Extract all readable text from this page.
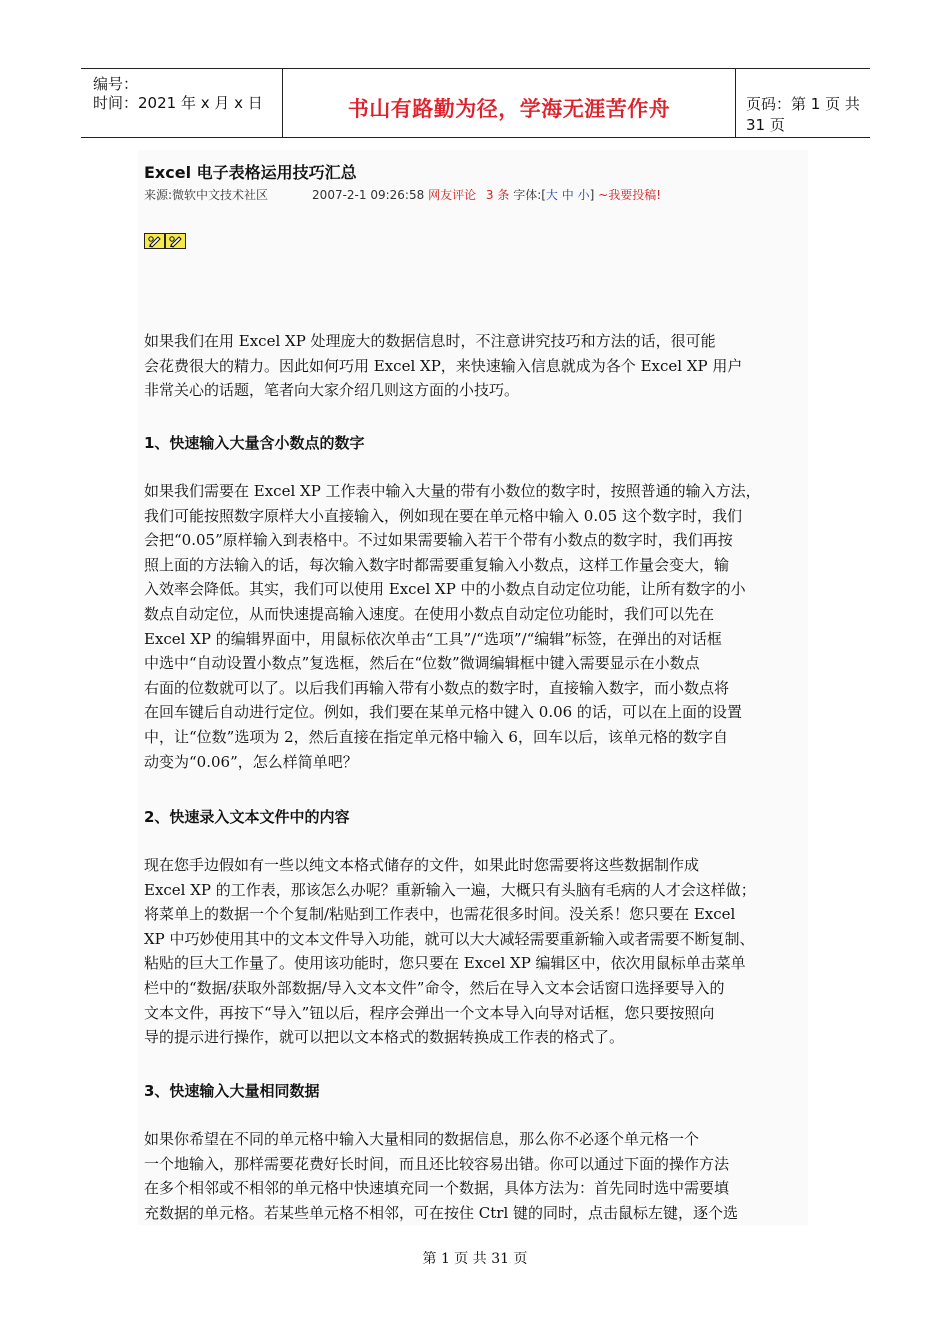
编号：
时间：2021 年 x 月 x 日	书山有路勤为径，学海无涯苦作舟	页码：第 1 页 共 31 页
Excel 电子表格运用技巧汇总
来源:微软中文技术社区	2007-2-1 09:26:58 网友评论 3 条 字体:[大 中 小] ~我要投稿!
如果我们在用 Excel XP 处理庞大的数据信息时，不注意讲究技巧和方法的话，很可能
会花费很大的精力。因此如何巧用 Excel XP，来快速输入信息就成为各个 Excel XP 用户
非常关心的话题，笔者向大家介绍几则这方面的小技巧。
1、快速输入大量含小数点的数字
如果我们需要在 Excel XP 工作表中输入大量的带有小数位的数字时，按照普通的输入方法，
我们可能按照数字原样大小直接输入，例如现在要在单元格中输入 0.05 这个数字时，我们
会把“0.05”原样输入到表格中。不过如果需要输入若干个带有小数点的数字时，我们再按
照上面的方法输入的话，每次输入数字时都需要重复输入小数点，这样工作量会变大，输
入效率会降低。其实，我们可以使用 Excel XP 中的小数点自动定位功能，让所有数字的小
数点自动定位，从而快速提高输入速度。在使用小数点自动定位功能时，我们可以先在
Excel XP 的编辑界面中，用鼠标依次单击“工具”/“选项”/“编辑”标签，在弹出的对话框
中选中“自动设置小数点”复选框，然后在“位数”微调编辑框中键入需要显示在小数点
右面的位数就可以了。以后我们再输入带有小数点的数字时，直接输入数字，而小数点将
在回车键后自动进行定位。例如，我们要在某单元格中键入 0.06 的话，可以在上面的设置
中，让“位数”选项为 2，然后直接在指定单元格中输入 6，回车以后，该单元格的数字自
动变为“0.06”，怎么样简单吧？
2、快速录入文本文件中的内容
现在您手边假如有一些以纯文本格式储存的文件，如果此时您需要将这些数据制作成
Excel XP 的工作表，那该怎么办呢？重新输入一遍，大概只有头脑有毛病的人才会这样做；
将菜单上的数据一个个复制/粘贴到工作表中，也需花很多时间。没关系！您只要在 Excel
XP 中巧妙使用其中的文本文件导入功能，就可以大大减轻需要重新输入或者需要不断复制、
粘贴的巨大工作量了。使用该功能时，您只要在 Excel XP 编辑区中，依次用鼠标单击菜单
栏中的“数据/获取外部数据/导入文本文件”命令，然后在导入文本会话窗口选择要导入的
文本文件，再按下“导入”钮以后，程序会弹出一个文本导入向导对话框，您只要按照向
导的提示进行操作，就可以把以文本格式的数据转换成工作表的格式了。
3、快速输入大量相同数据
如果你希望在不同的单元格中输入大量相同的数据信息，那么你不必逐个单元格一个
一个地输入，那样需要花费好长时间，而且还比较容易出错。你可以通过下面的操作方法
在多个相邻或不相邻的单元格中快速填充同一个数据，具体方法为：首先同时选中需要填
充数据的单元格。若某些单元格不相邻，可在按住 Ctrl 键的同时，点击鼠标左键，逐个选
第 1 页 共 31 页
